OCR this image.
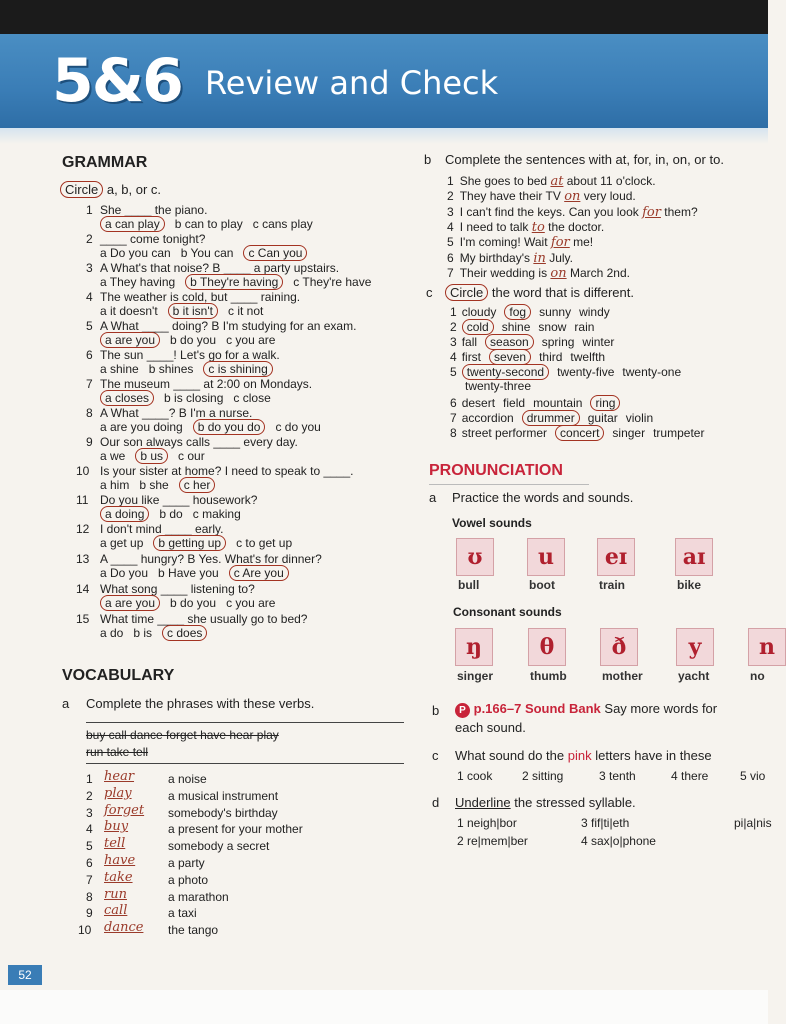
5&6 Review and Check
GRAMMAR
Circle a, b, or c.
1 She ____ the piano.
a can play b can to play c cans play
2 ____ come tonight?
a Do you can b You can c Can you
3 A What's that noise? B ____ a party upstairs.
a They having b They're having c They're have
4 The weather is cold, but ____ raining.
a it doesn't b it isn't c it not
5 A What ____ doing? B I'm studying for an exam.
a are you b do you c you are
6 The sun ____! Let's go for a walk.
a shine b shines c is shining
7 The museum ____ at 2:00 on Mondays.
a closes b is closing c close
8 A What ____? B I'm a nurse.
a are you doing b do you do c do you
9 Our son always calls ____ every day.
a we b us c our
10 Is your sister at home? I need to speak to ____.
a him b she c her
11 Do you like ____ housework?
a doing b do c making
12 I don't mind ____ early.
a get up b getting up c to get up
13 A ____ hungry? B Yes. What's for dinner?
a Do you b Have you c Are you
14 What song ____ listening to?
a are you b do you c you are
15 What time ____ she usually go to bed?
a do b is c does
VOCABULARY
a Complete the phrases with these verbs.
buy call dance forget have hear play
run take tell
1 hear	a noise
2 play	a musical instrument
3 forget somebody's birthday
4 buy	a present for your mother
5 tell	somebody a secret
6 have	a party
7 take	a photo
8 run	a marathon
9 call	a taxi
10 dance the tango
b Complete the sentences with at, for, in, on, or to.
1 She goes to bed at about 11 o'clock.
2 They have their TV on very loud.
3 I can't find the keys. Can you look for them?
4 I need to talk to the doctor.
5 I'm coming! Wait for me!
6 My birthday's in July.
7 Their wedding is on March 2nd.
c	Circle the word that is different.
1 cloudy fog sunny windy
2 cold shine snow rain
3 fall season spring winter
4 first seven third twelfth
5 twenty-second twenty-five twenty-one
twenty-three
6 desert field mountain ring
7 accordion drummer guitar violin
8 street performer concert singer trumpeter
PRONUNCIATION
a Practice the words and sounds.
Vowel sounds
ʊ
bull
u
boot
eɪ
train
aɪ
bike
Consonant sounds
ŋ
singer
θ
thumb
ð
mother
y
yacht
n
no
b	P p.166–7 Sound Bank Say more words for
each sound.
c What sound do the pink letters have in these
1 cook 2 sitting	3 tenth	4 there	5 vio
d Underline the stressed syllable.
1 neigh|bor	3 fif|ti|eth	pi|a|nis
2 re|mem|ber	4 sax|o|phone
52
